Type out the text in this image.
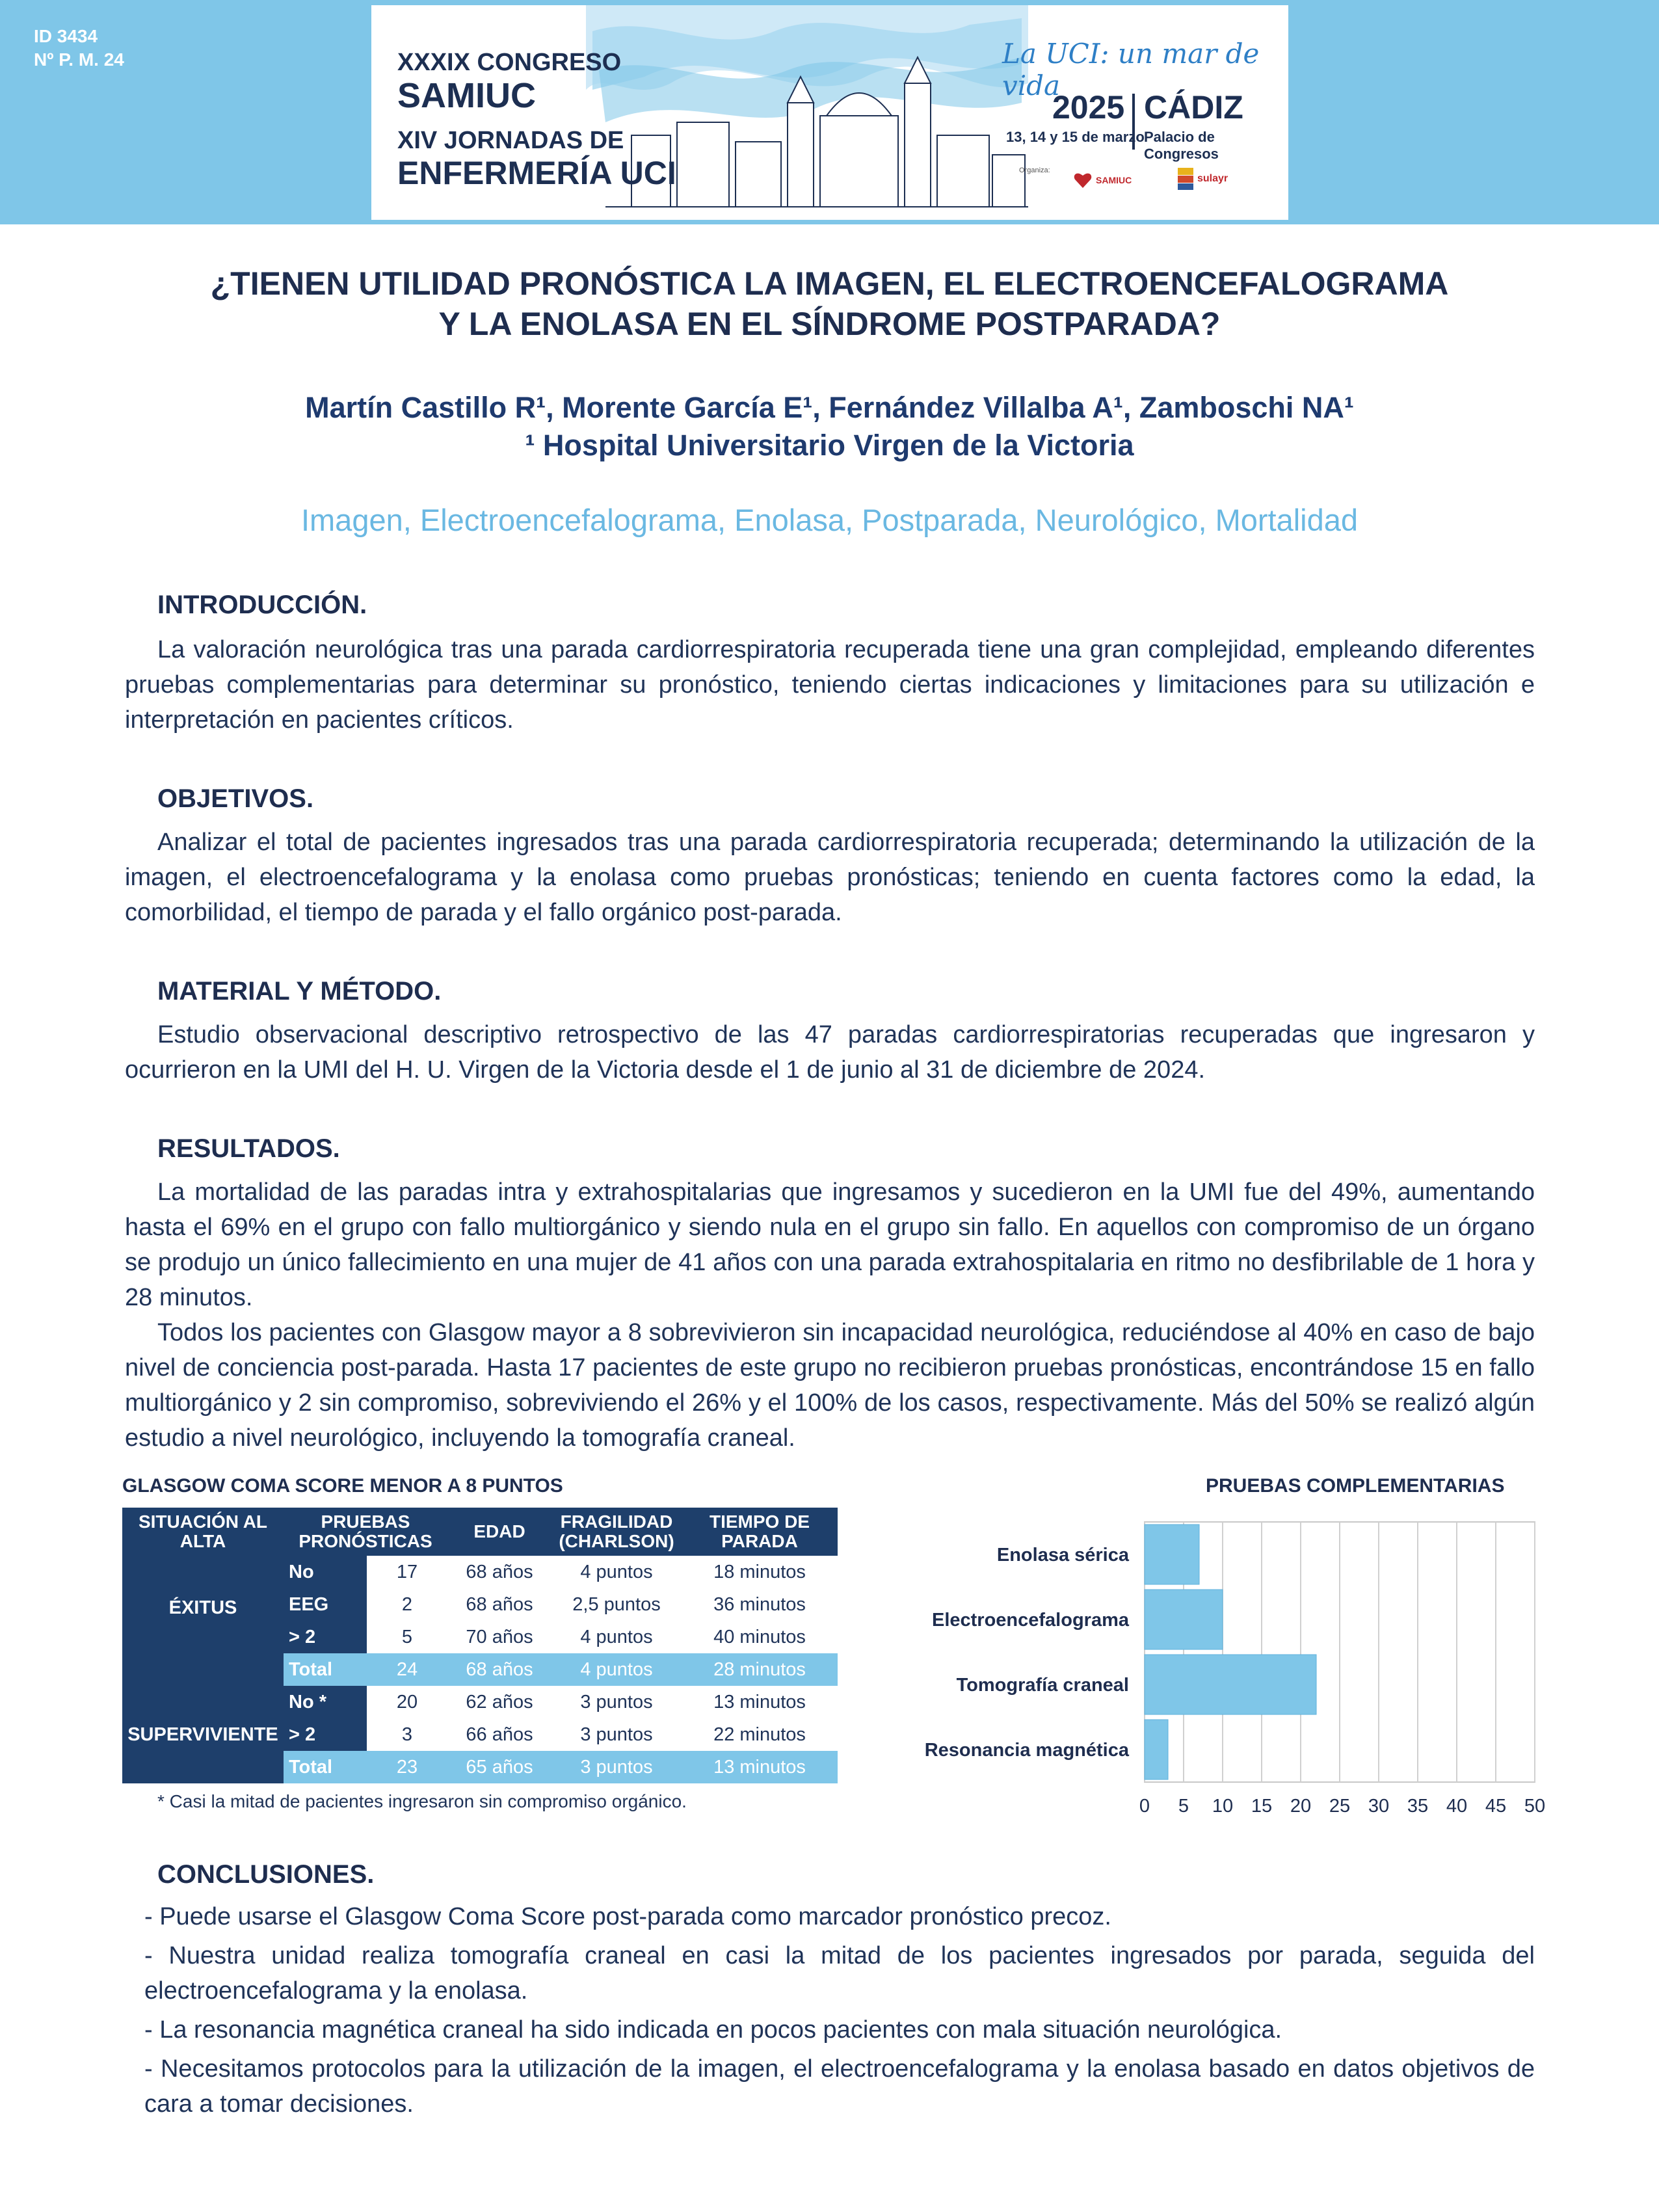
ID 3434
Nº P. M. 24	XXXIX CONGRESO
SAMIUC
XIV JORNADAS DE
ENFERMERÍA UCI
La UCI: un mar de vida
2025 CÁDIZ
13, 14 y 15 de marzo Palacio de Congresos
Organiza:
SAMIUC	sulayr
¿TIENEN UTILIDAD PRONÓSTICA LA IMAGEN, EL ELECTROENCEFALOGRAMA
Y LA ENOLASA EN EL SÍNDROME POSTPARADA?
Martín Castillo R¹, Morente García E¹, Fernández Villalba A¹, Zamboschi NA¹
¹ Hospital Universitario Virgen de la Victoria
Imagen, Electroencefalograma, Enolasa, Postparada, Neurológico, Mortalidad
INTRODUCCIÓN.

La valoración neurológica tras una parada cardiorrespiratoria recuperada tiene una gran complejidad, empleando diferentes pruebas complementarias para determinar su pronóstico, teniendo ciertas indicaciones y limitaciones para su utilización e interpretación en pacientes críticos.

OBJETIVOS.

Analizar el total de pacientes ingresados tras una parada cardiorrespiratoria recuperada; determinando la utilización de la imagen, el electroencefalograma y la enolasa como pruebas pronósticas; teniendo en cuenta factores como la edad, la comorbilidad, el tiempo de parada y el fallo orgánico post-parada.

MATERIAL Y MÉTODO.

Estudio observacional descriptivo retrospectivo de las 47 paradas cardiorrespiratorias recuperadas que ingresaron y ocurrieron en la UMI del H. U. Virgen de la Victoria desde el 1 de junio al 31 de diciembre de 2024.

RESULTADOS.

La mortalidad de las paradas intra y extrahospitalarias que ingresamos y sucedieron en la UMI fue del 49%, aumentando hasta el 69% en el grupo con fallo multiorgánico y siendo nula en el grupo sin fallo. En aquellos con compromiso de un órgano se produjo un único fallecimiento en una mujer de 41 años con una parada extrahospitalaria en ritmo no desfibrilable de 1 hora y 28 minutos.

Todos los pacientes con Glasgow mayor a 8 sobrevivieron sin incapacidad neurológica, reduciéndose al 40% en caso de bajo nivel de conciencia post-parada. Hasta 17 pacientes de este grupo no recibieron pruebas pronósticas, encontrándose 15 en fallo multiorgánico y 2 sin compromiso, sobreviviendo el 26% y el 100% de los casos, respectivamente. Más del 50% se realizó algún estudio a nivel neurológico, incluyendo la tomografía craneal.

GLASGOW COMA SCORE MENOR A 8 PUNTOS
SITUACIÓN AL ALTA	PRUEBAS PRONÓSTICAS		EDAD	FRAGILIDAD (CHARLSON)	TIEMPO DE PARADA
ÉXITUS	No	17	68 años	4 puntos	18 minutos
	EEG	2	68 años	2,5 puntos	36 minutos
	> 2	5	70 años	4 puntos	40 minutos
	Total	24	68 años	4 puntos	28 minutos
SUPERVIVIENTE	No *	20	62 años	3 puntos	13 minutos
	> 2	3	66 años	3 puntos	22 minutos
	Total	23	65 años	3 puntos	13 minutos
* Casi la mitad de pacientes ingresaron sin compromiso orgánico.
PRUEBAS COMPLEMENTARIAS
Enolasa sérica
Electroencefalograma
Tomografía craneal
Resonancia magnética
0 5 10 15 20 25 30 35 40 45 50
CONCLUSIONES.
- Puede usarse el Glasgow Coma Score post-parada como marcador pronóstico precoz.
- Nuestra unidad realiza tomografía craneal en casi la mitad de los pacientes ingresados por parada, seguida del electroencefalograma y la enolasa.
- La resonancia magnética craneal ha sido indicada en pocos pacientes con mala situación neurológica.
- Necesitamos protocolos para la utilización de la imagen, el electroencefalograma y la enolasa basado en datos objetivos de cara a tomar decisiones.
